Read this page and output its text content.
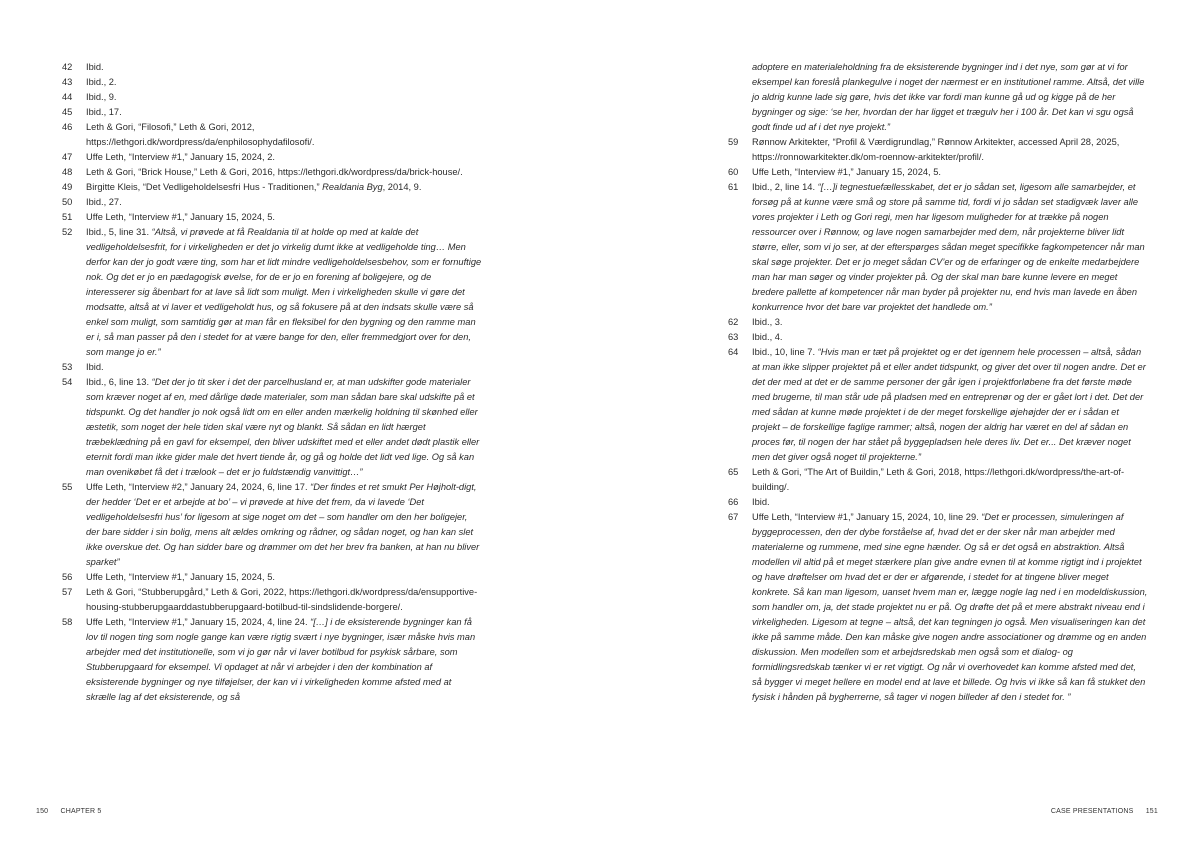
42	Ibid.
43	Ibid., 2.
44	Ibid., 9.
45	Ibid., 17.
46	Leth & Gori, “Filosofi,” Leth & Gori, 2012, https://lethgori.dk/wordpress/da/enphilosophydafilosofi/.
47	Uffe Leth, “Interview #1,” January 15, 2024, 2.
48	Leth & Gori, “Brick House,” Leth & Gori, 2016, https://lethgori.dk/wordpress/da/brick-house/.
49	Birgitte Kleis, “Det Vedligeholdelsesfri Hus - Traditionen,” Realdania Byg, 2014, 9.
50	Ibid., 27.
51	Uffe Leth, “Interview #1,” January 15, 2024, 5.
52	Ibid., 5, line 31. “Altså, vi prøvede at få Realdania til at holde op med at kalde det vedligeholdelsesfrit, for i virkeligheden er det jo virkelig dumt ikke at vedligeholde ting… Men derfor kan der jo godt være ting, som har et lidt mindre vedligeholdelsesbehov, som er fornuftige nok. Og det er jo en pædagogisk øvelse, for de er jo en forening af boligejere, og de interesserer sig åbenbart for at lave så lidt som muligt. Men i virkeligheden skulle vi gøre det modsatte, altså at vi laver et vedligeholdt hus, og så fokusere på at den indsats skulle være så enkel som muligt, som samtidig gør at man får en fleksibel for den bygning og den ramme man er i, så man passer på den i stedet for at være bange for den, eller fremmedgjort over for den, som mange jo er.”
53	Ibid.
54	Ibid., 6, line 13. “Det der jo tit sker i det der parcelhusland er, at man udskifter gode materialer som kræver noget af en, med dårlige døde materialer, som man sådan bare skal udskifte på et tidspunkt. Og det handler jo nok også lidt om en eller anden mærkelig holdning til skønhed eller æstetik, som noget der hele tiden skal være nyt og blankt. Så sådan en lidt hærget træbeklædning på en gavl for eksempel, den bliver udskiftet med et eller andet dødt plastik eller eternit fordi man ikke gider male det hvert tiende år, og gå og holde det lidt ved lige. Og så kan man ovenikøbet få det i trælook – det er jo fuldstændig vanvittigt…”
55	Uffe Leth, “Interview #2,” January 24, 2024, 6, line 17. “Der findes et ret smukt Per Højholt-digt, der hedder ‘Det er et arbejde at bo’ – vi prøvede at hive det frem, da vi lavede ‘Det vedligeholdelsesfri hus’ for ligesom at sige noget om det – som handler om den her boligejer, der bare sidder i sin bolig, mens alt ældes omkring og rådner, og sådan noget, og han kan slet ikke overskue det. Og han sidder bare og drømmer om det her brev fra banken, at han nu bliver sparket”
56	Uffe Leth, “Interview #1,” January 15, 2024, 5.
57	Leth & Gori, “Stubberupgård,” Leth & Gori, 2022, https://lethgori.dk/wordpress/da/ensupportive-housing-stubberupgaarddastubberupgaard-botilbud-til-sindslidende-borgere/.
58	Uffe Leth, “Interview #1,” January 15, 2024, 4, line 24. “[…] i de eksisterende bygninger kan få lov til nogen ting som nogle gange kan være rigtig svært i nye bygninger, især måske hvis man arbejder med det institutionelle, som vi jo gør når vi laver botilbud for psykisk sårbare, som Stubberupgaard for eksempel. Vi opdaget at når vi arbejder i den der kombination af eksisterende bygninger og nye tilføjelser, der kan vi i virkeligheden komme afsted med at skrælle lag af det eksisterende, og så
adoptere en materialeholdning fra de eksisterende bygninger ind i det nye, som gør at vi for eksempel kan foreslå plankegulve i noget der nærmest er en institutionel ramme. Altså, det ville jo aldrig kunne lade sig gøre, hvis det ikke var fordi man kunne gå ud og kigge på de her bygninger og sige: ‘se her, hvordan der har ligget et trægulv her i 100 år. Det kan vi sgu også godt finde ud af i det nye projekt.”
59	Rønnow Arkitekter, “Profil & Værdigrundlag,” Rønnow Arkitekter, accessed April 28, 2025, https://ronnowarkitekter.dk/om-roennow-arkitekter/profil/.
60	Uffe Leth, “Interview #1,” January 15, 2024, 5.
61	Ibid., 2, line 14. “[…]i tegnestuefællesskabet, det er jo sådan set, ligesom alle samarbejder, et forsøg på at kunne være små og store på samme tid, fordi vi jo sådan set stadigvæk laver alle vores projekter i Leth og Gori regi, men har ligesom muligheder for at trække på nogen ressourcer over i Rønnow, og lave nogen samarbejder med dem, når projekterne bliver lidt større, eller, som vi jo ser, at der efterspørges sådan meget specifikke fagkompetencer når man skal søge projekter. Det er jo meget sådan CV’er og de erfaringer og de enkelte medarbejdere man har man søger og vinder projekter på. Og der skal man bare kunne levere en meget bredere pallette af kompetencer når man byder på projekter nu, end hvis man lavede en åben konkurrence hvor det bare var projektet det handlede om.”
62	Ibid., 3.
63	Ibid., 4.
64	Ibid., 10, line 7. “Hvis man er tæt på projektet og er det igennem hele processen – altså, sådan at man ikke slipper projektet på et eller andet tidspunkt, og giver det over til nogen andre. Det er det der med at det er de samme personer der går igen i projektforløbene fra det første møde med brugerne, til man står ude på pladsen med en entreprenør og der er gået lort i det. Det der med sådan at kunne møde projektet i de der meget forskellige øjehøjder der er i sådan et projekt – de forskellige faglige rammer; altså, nogen der aldrig har været en del af sådan en proces før, til nogen der har stået på byggepladsen hele deres liv. Det er... Det kræver noget men det giver også noget til projekterne.”
65	Leth & Gori, “The Art of Buildin,” Leth & Gori, 2018, https://lethgori.dk/wordpress/the-art-of-building/.
66	Ibid.
67	Uffe Leth, “Interview #1,” January 15, 2024, 10, line 29. “Det er processen, simuleringen af byggeprocessen, den der dybe forståelse af, hvad det er der sker når man arbejder med materialerne og rummene, med sine egne hænder. Og så er det også en abstraktion. Altså modellen vil altid på et meget stærkere plan give andre evnen til at komme rigtigt ind i projektet og have drøftelser om hvad det er der er afgørende, i stedet for at tingene bliver meget konkrete. Så kan man ligesom, uanset hvem man er, lægge nogle lag ned i en modeldiskussion, som handler om, ja, det stade projektet nu er på. Og drøfte det på et mere abstrakt niveau end i virkeligheden. Ligesom at tegne – altså, det kan tegningen jo også. Men visualiseringen kan det ikke på samme måde. Den kan måske give nogen andre associationer og drømme og en anden diskussion. Men modellen som et arbejdsredskab men også som et dialog- og formidlingsredskab tænker vi er ret vigtigt. Og når vi overhovedet kan komme afsted med det, så bygger vi meget hellere en model end at lave et billede. Og hvis vi ikke så kan få stukket den fysisk i hånden på bygherrerne, så tager vi nogen billeder af den i stedet for. ”
150 CHAPTER 5	CASE PRESENTATIONS 151
